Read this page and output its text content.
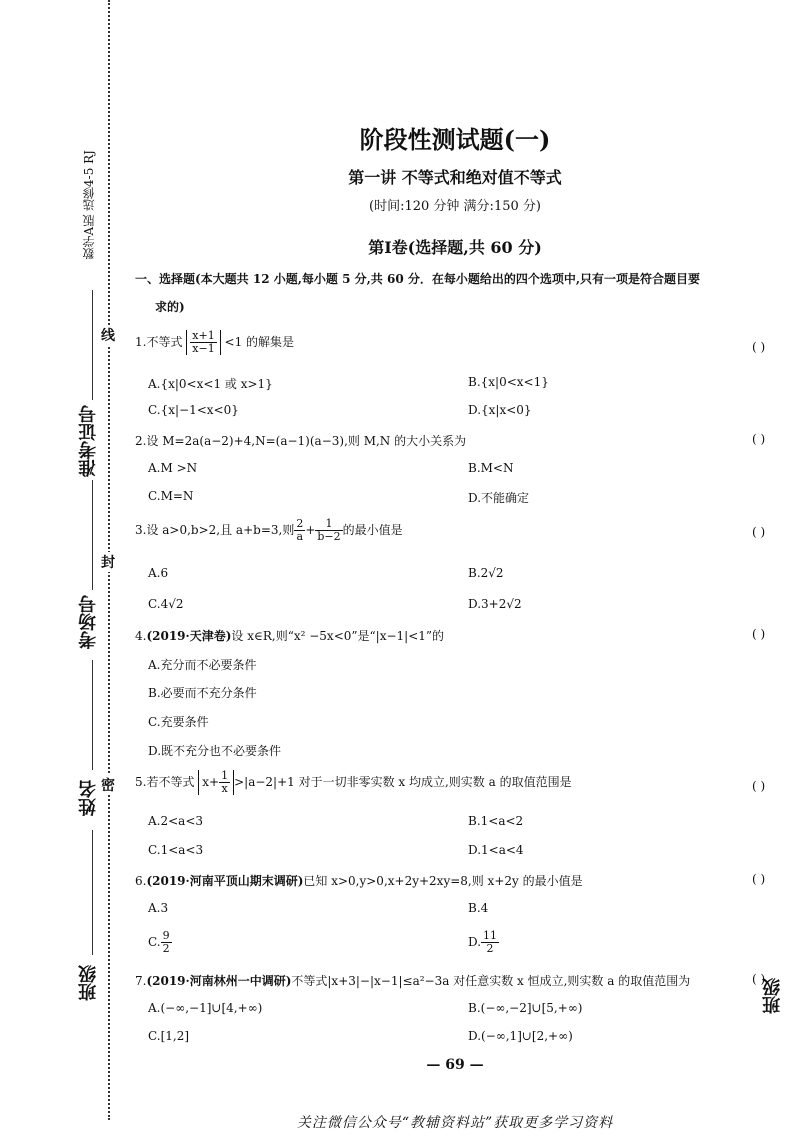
数学A版 选修4-5 RJ
准考证号
考场号
姓名
班级
线
封
密
班级
阶段性测试题(一)
第一讲 不等式和绝对值不等式
(时间:120 分钟 满分:150 分)
第Ⅰ卷(选择题,共 60 分)
一、选择题(本大题共 12 小题,每小题 5 分,共 60 分．在每小题给出的四个选项中,只有一项是符合题目要
求的)
1.不等式 $\frac{x+1}{x-1} <1$ 的解集是	( )
A.{x|0<x<1 或 x>1}	B.{x|0<x<1}
C.{x|−1<x<0}	D.{x|x<0}
2.设 M=2a(a−2)+4,N=(a−1)(a−3),则 M,N 的大小关系为	( )
A.M >N	B.M<N
C.M=N	D.不能确定
3.设 a>0,b>2,且 a+b=3,则 $\frac{2}{a} + \frac{1}{b-2}$ 的最小值是	( )
A.6	B.2√2
C.4√2	D.3+2√2
4.(2019·天津卷)设 x∈R,则“x² −5x<0”是“|x−1|<1”的	( )
A.充分而不必要条件
B.必要而不充分条件
C.充要条件
D.既不充分也不必要条件
5.若不等式 $x+ \frac{1}{x} >|a-2|+1$ 对于一切非零实数 x 均成立,则实数 a 的取值范围是	( )
A.2<a<3	B.1<a<2
C.1<a<3	D.1<a<4
6.(2019·河南平顶山期末调研)已知 x>0,y>0,x+2y+2xy=8,则 x+2y 的最小值是	( )
A.3	B.4
C. $\frac{9}{2}$	D. $\frac{11}{2}$
7.(2019·河南林州一中调研)不等式|x+3|−|x−1|≤a²−3a 对任意实数 x 恒成立,则实数 a 的取值范围为	( )
A.(−∞,−1]∪[4,+∞)	B.(−∞,−2]∪[5,+∞)
C.[1,2]	D.(−∞,1]∪[2,+∞)
— 69 —
关注微信公众号“教辅资料站”获取更多学习资料
